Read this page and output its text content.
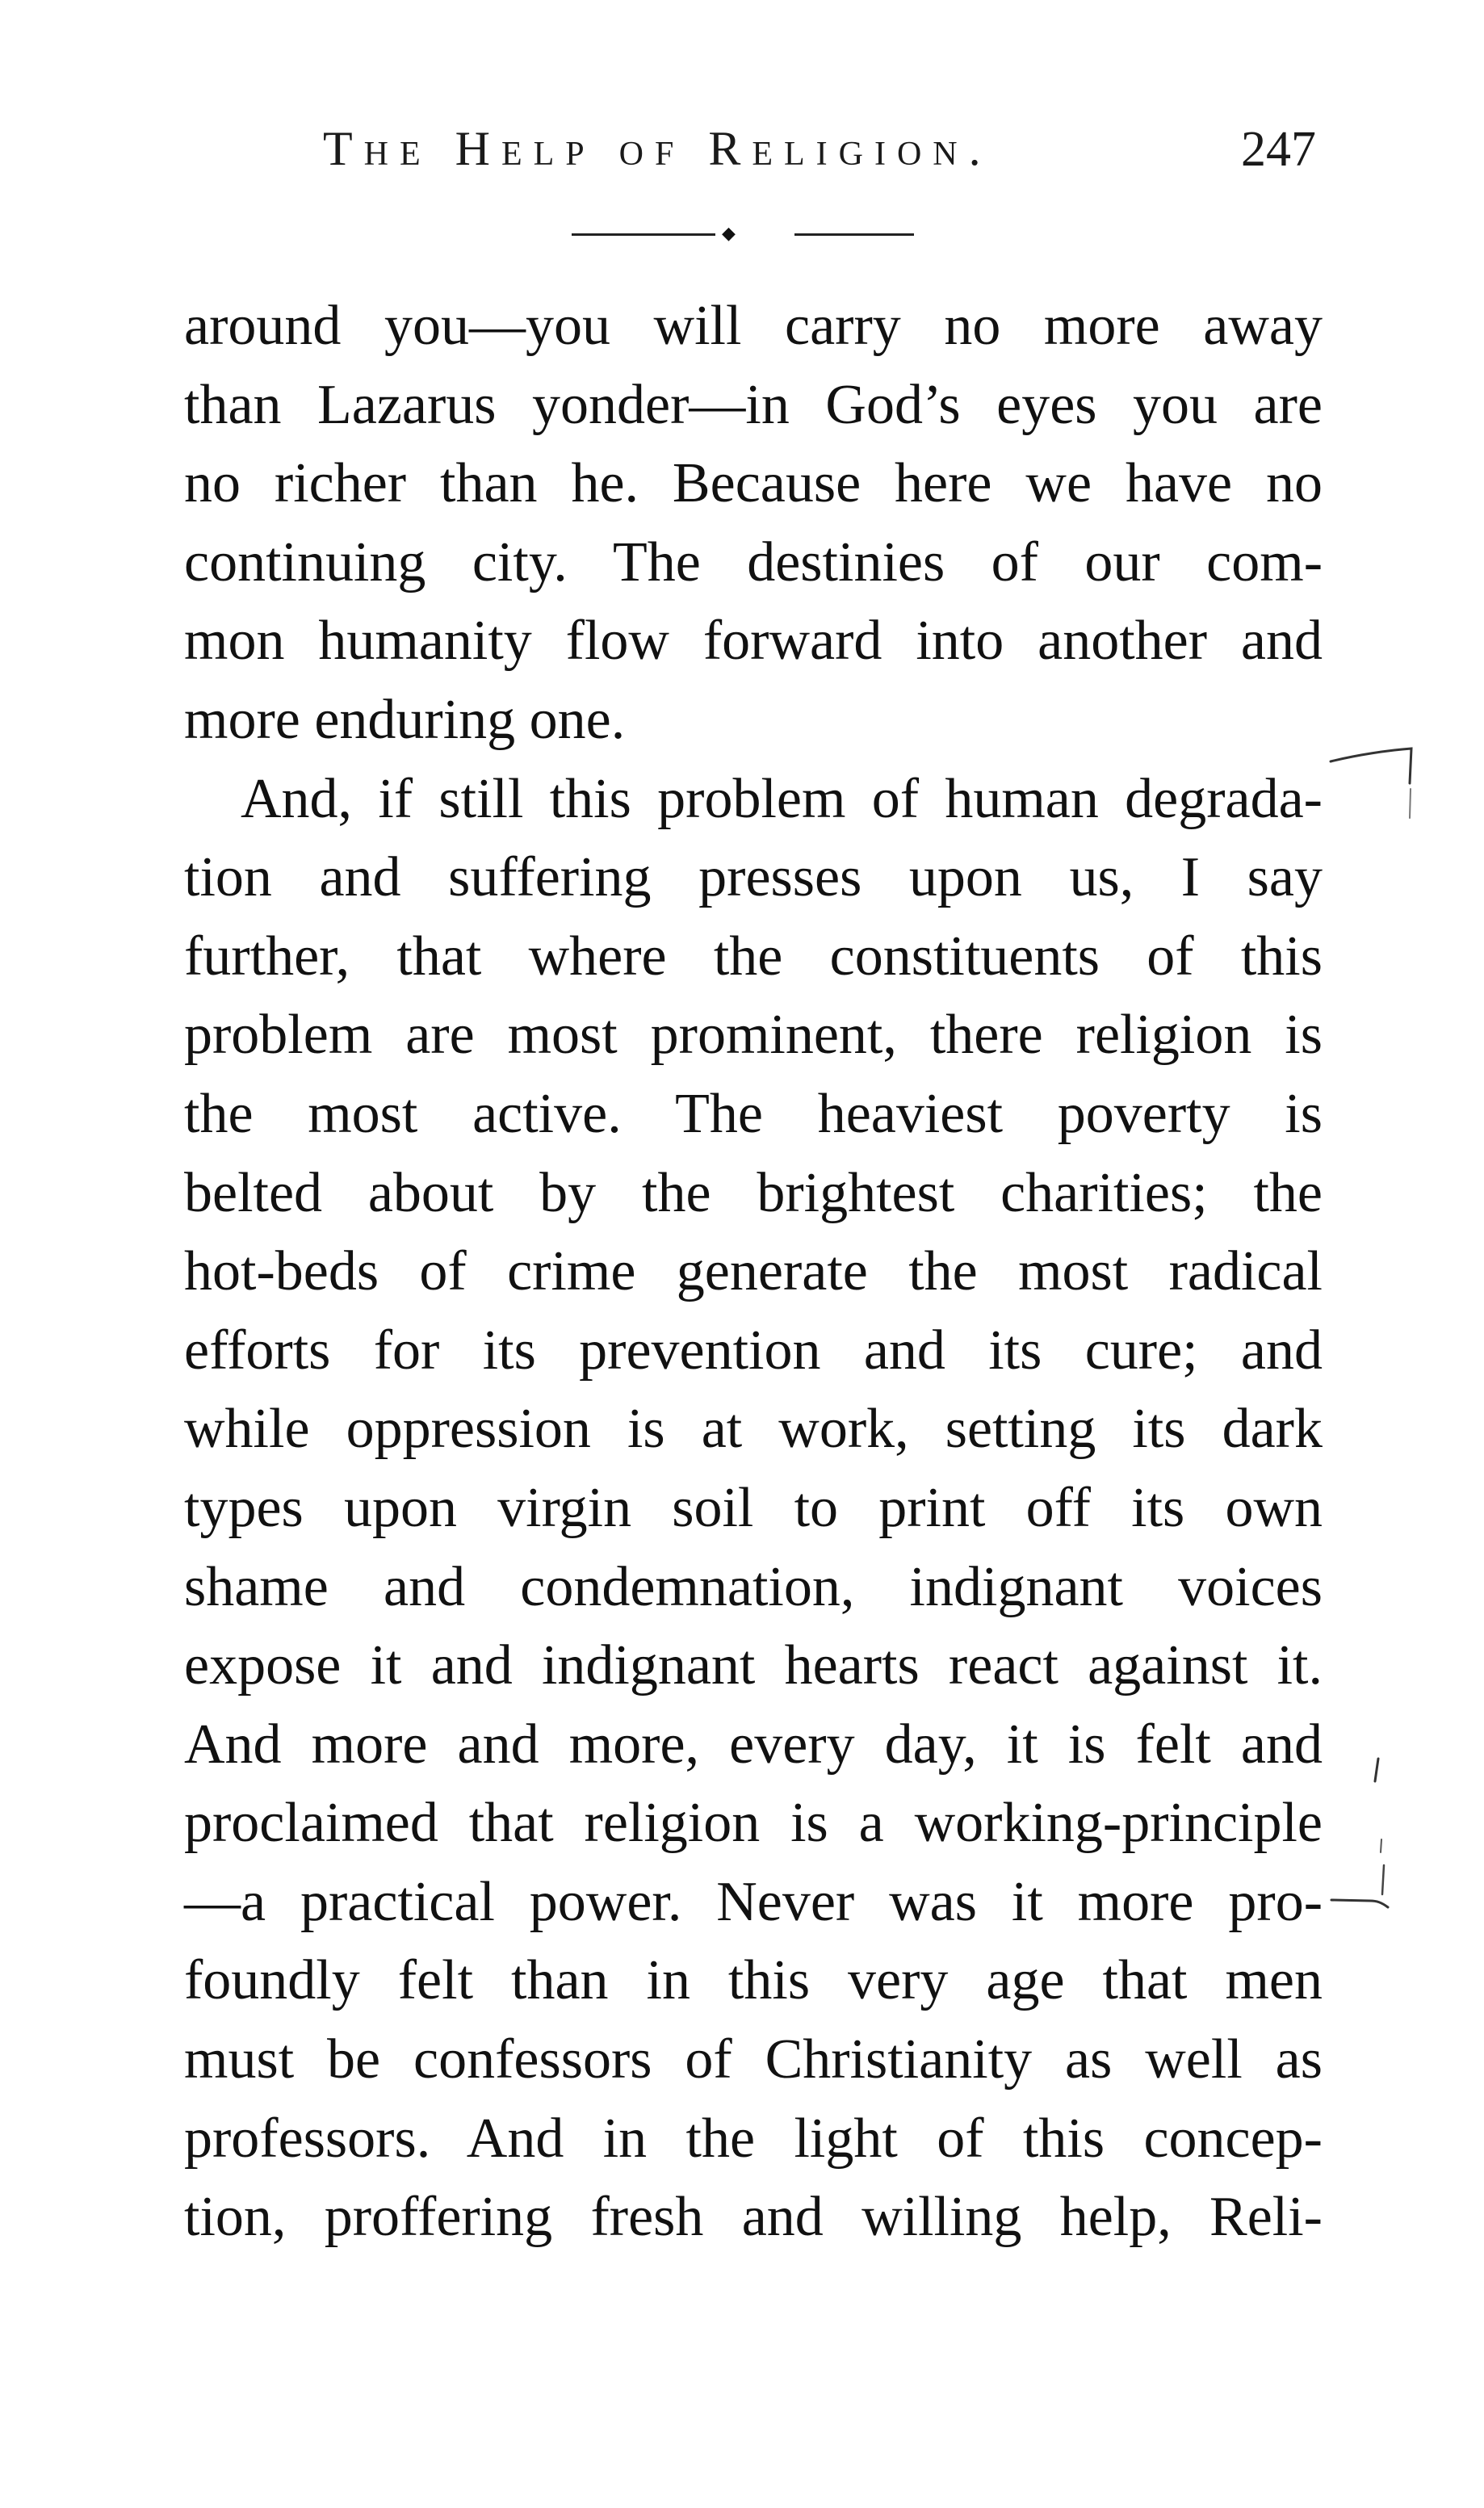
The Help of Religion.	247
◆
around you—you will carry no more away
than Lazarus yonder—in God’s eyes you are
no richer than he. Because here we have no
continuing city. The destinies of our com-
mon humanity flow forward into another and
more enduring one.
And, if still this problem of human degrada-
tion and suffering presses upon us, I say
further, that where the constituents of this
problem are most prominent, there religion is
the most active. The heaviest poverty is
belted about by the brightest charities; the
hot-beds of crime generate the most radical
efforts for its prevention and its cure; and
while oppression is at work, setting its dark
types upon virgin soil to print off its own
shame and condemnation, indignant voices
expose it and indignant hearts react against it.
And more and more, every day, it is felt and
proclaimed that religion is a working-principle
—a practical power. Never was it more pro-
foundly felt than in this very age that men
must be confessors of Christianity as well as
professors. And in the light of this concep-
tion, proffering fresh and willing help, Reli-
